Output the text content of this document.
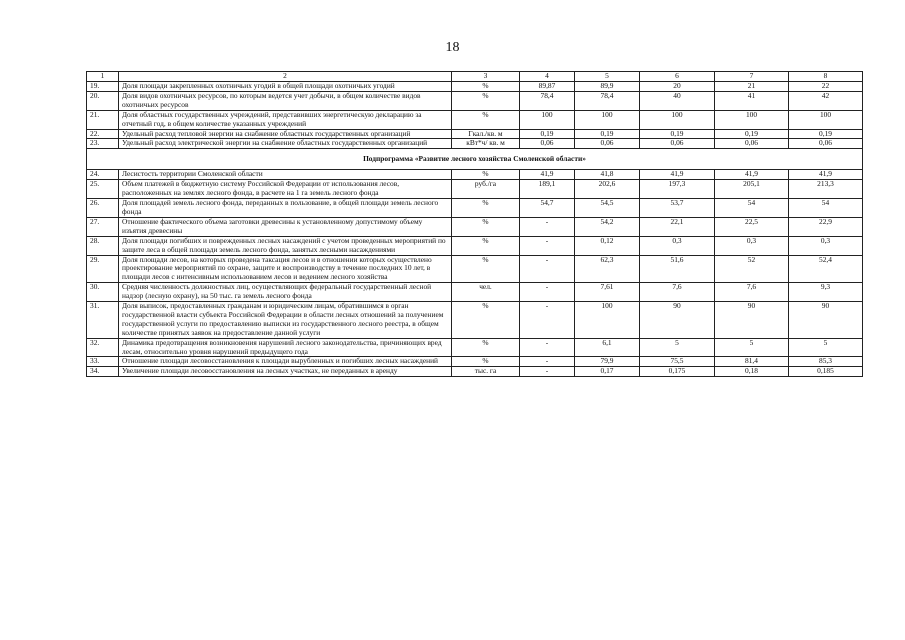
18
1	2	3	4	5	6	7	8
19.	Доля площади закрепленных охотничьих угодий в общей площади охотничьих угодий	%	89,87	89,9	20	21	22
20.	Доля видов охотничьих ресурсов, по которым ведется учет добычи, в общем количестве видов охотничьих ресурсов	%	78,4	78,4	40	41	42
21.	Доля областных государственных учреждений, представивших энергетическую декларацию за отчетный год, в общем количестве указанных учреждений	%	100	100	100	100	100
22.	Удельный расход тепловой энергии на снабжение областных государственных организаций	Гкал./кв. м	0,19	0,19	0,19	0,19	0,19
23.	Удельный расход электрической энергии на снабжение областных государственных организаций	кВт*ч/ кв. м	0,06	0,06	0,06	0,06	0,06
Подпрограмма «Развитие лесного хозяйства Смоленской области»							
24.	Лесистость территории Смоленской области	%	41,9	41,8	41,9	41,9	41,9
25.	Объем платежей в бюджетную систему Российской Федерации от использования лесов, расположенных на землях лесного фонда, в расчете на 1 га земель лесного фонда	руб./га	189,1	202,6	197,3	205,1	213,3
26.	Доля площадей земель лесного фонда, переданных в пользование, в общей площади земель лесного фонда	%	54,7	54,5	53,7	54	54
27.	Отношение фактического объема заготовки древесины к установленному допустимому объему изъятия древесины	%	-	54,2	22,1	22,5	22,9
28.	Доля площади погибших и поврежденных лесных насаждений с учетом проведенных мероприятий по защите леса в общей площади земель лесного фонда, занятых лесными насаждениями	%	-	0,12	0,3	0,3	0,3
29.	Доля площади лесов, на которых проведена таксация лесов и в отношении которых осуществлено проектирование мероприятий по охране, защите и воспроизводству в течение последних 10 лет, в площади лесов с интенсивным использованием лесов и ведением лесного хозяйства	%	-	62,3	51,6	52	52,4
30.	Средняя численность должностных лиц, осуществляющих федеральный государственный лесной надзор (лесную охрану), на 50 тыс. га земель лесного фонда	чел.	-	7,61	7,6	7,6	9,3
31.	Доля выписок, предоставленных гражданам и юридическим лицам, обратившимся в орган государственной власти субъекта Российской Федерации в области лесных отношений за получением государственной услуги по предоставлению выписки из государственного лесного реестра, в общем количестве принятых заявок на предоставление данной услуги	%	-	100	90	90	90
32.	Динамика предотвращения возникновения нарушений лесного законодательства, причиняющих вред лесам, относительно уровня нарушений предыдущего года	%	-	6,1	5	5	5
33.	Отношение площади лесовосстановления к площади вырубленных и погибших лесных насаждений	%	-	79,9	75,5	81,4	85,3
34.	Увеличение площади лесовосстановления на лесных участках, не переданных в аренду	тыс. га	-	0,17	0,175	0,18	0,185
